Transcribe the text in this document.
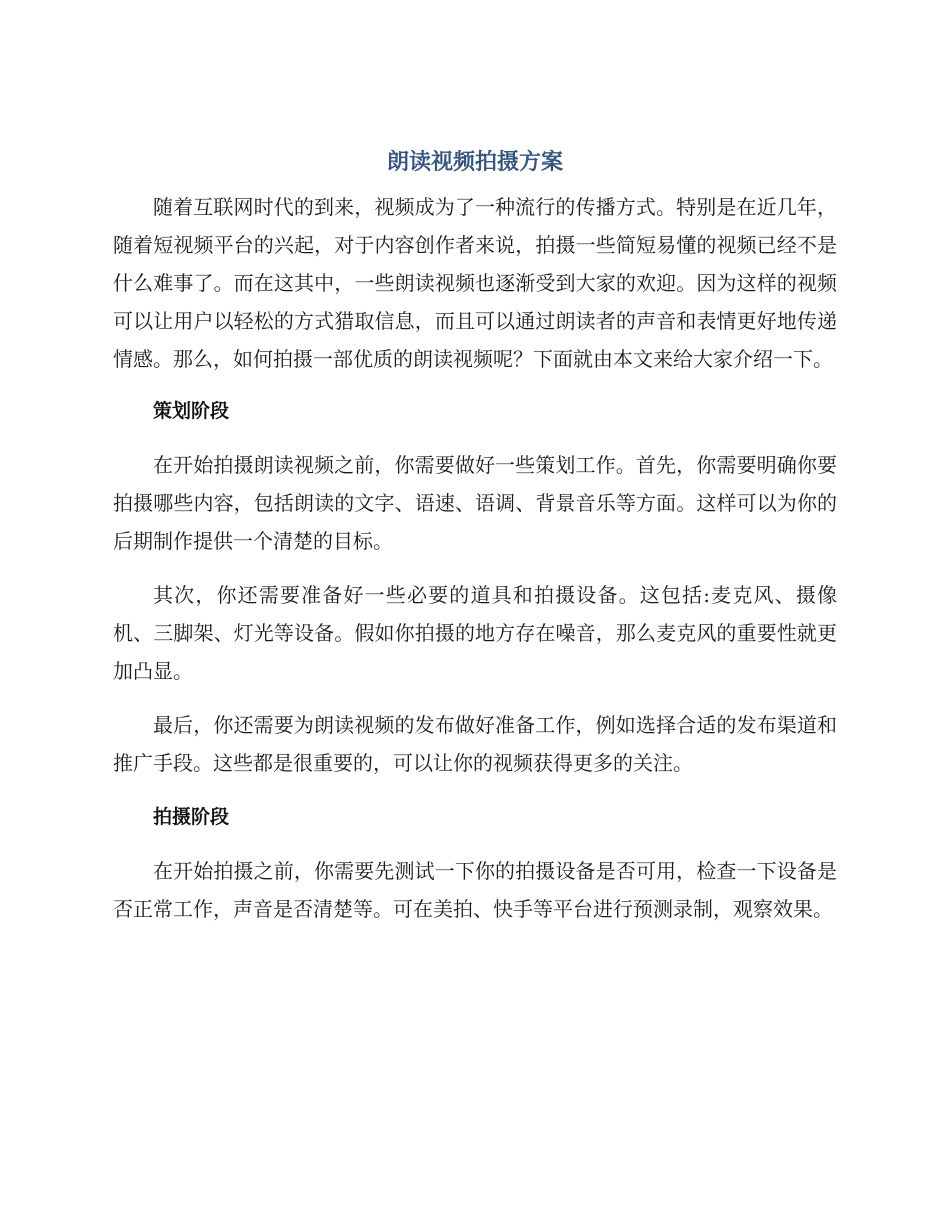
朗读视频拍摄方案

随着互联网时代的到来，视频成为了一种流行的传播方式。特别是在近几年，随着短视频平台的兴起，对于内容创作者来说，拍摄一些简短易懂的视频已经不是什么难事了。而在这其中，一些朗读视频也逐渐受到大家的欢迎。因为这样的视频可以让用户以轻松的方式猎取信息，而且可以通过朗读者的声音和表情更好地传递情感。那么，如何拍摄一部优质的朗读视频呢？下面就由本文来给大家介绍一下。

策划阶段

在开始拍摄朗读视频之前，你需要做好一些策划工作。首先，你需要明确你要拍摄哪些内容，包括朗读的文字、语速、语调、背景音乐等方面。这样可以为你的后期制作提供一个清楚的目标。

其次，你还需要准备好一些必要的道具和拍摄设备。这包括:麦克风、摄像机、三脚架、灯光等设备。假如你拍摄的地方存在噪音，那么麦克风的重要性就更加凸显。

最后，你还需要为朗读视频的发布做好准备工作，例如选择合适的发布渠道和推广手段。这些都是很重要的，可以让你的视频获得更多的关注。

拍摄阶段

在开始拍摄之前，你需要先测试一下你的拍摄设备是否可用，检查一下设备是否正常工作，声音是否清楚等。可在美拍、快手等平台进行预测录制，观察效果。
